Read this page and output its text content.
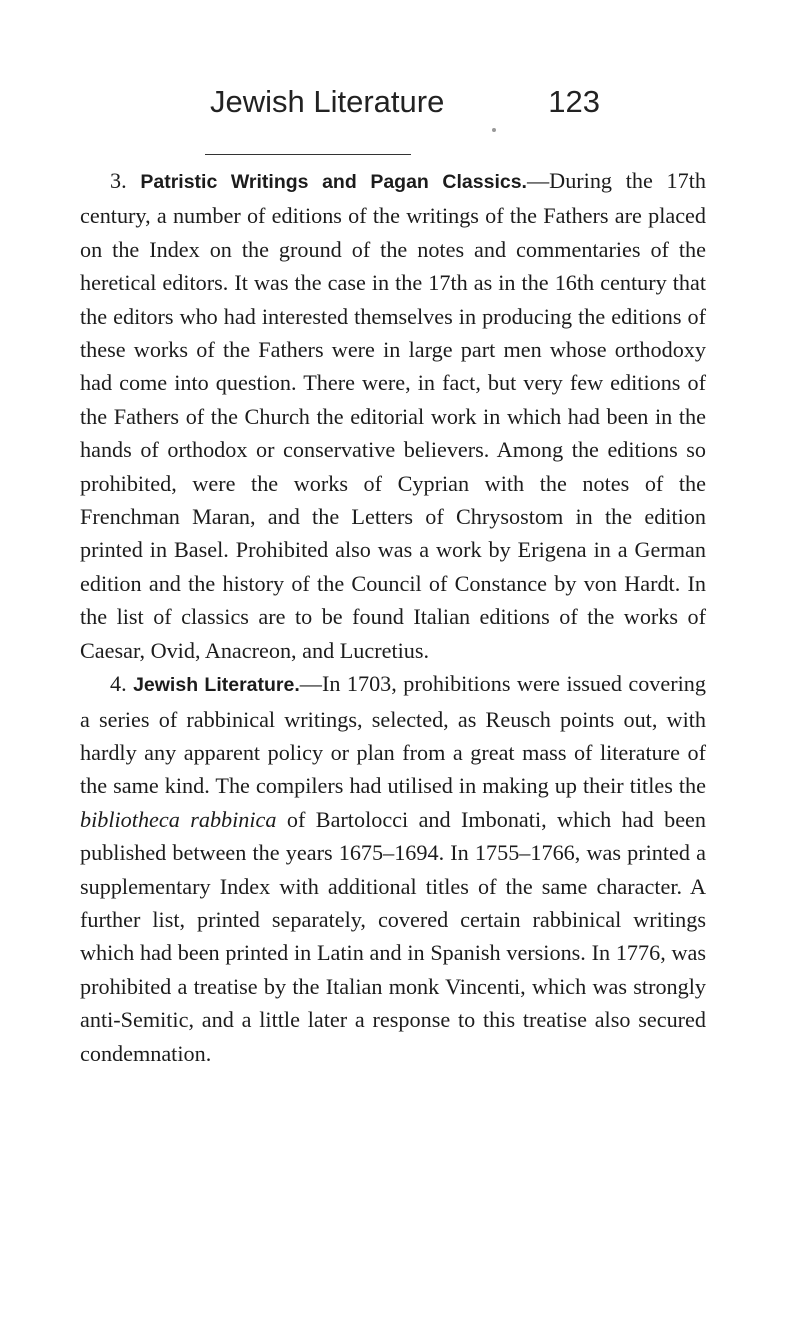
Jewish Literature	123

3. Patristic Writings and Pagan Classics.—During the 17th century, a number of editions of the writings of the Fathers are placed on the Index on the ground of the notes and commentaries of the heretical editors. It was the case in the 17th as in the 16th century that the editors who had interested themselves in producing the editions of these works of the Fathers were in large part men whose orthodoxy had come into question. There were, in fact, but very few editions of the Fathers of the Church the editorial work in which had been in the hands of orthodox or conservative believers. Among the editions so prohibited, were the works of Cyprian with the notes of the Frenchman Maran, and the Letters of Chrysostom in the edition printed in Basel. Prohibited also was a work by Erigena in a German edition and the history of the Council of Constance by von Hardt. In the list of classics are to be found Italian editions of the works of Caesar, Ovid, Anacreon, and Lucretius.

4. Jewish Literature.—In 1703, prohibitions were issued covering a series of rabbinical writings, selected, as Reusch points out, with hardly any apparent policy or plan from a great mass of literature of the same kind. The compilers had utilised in making up their titles the bibliotheca rabbinica of Bartolocci and Imbonati, which had been published between the years 1675–1694. In 1755–1766, was printed a supplementary Index with additional titles of the same character. A further list, printed separately, covered certain rabbinical writings which had been printed in Latin and in Spanish versions. In 1776, was prohibited a treatise by the Italian monk Vincenti, which was strongly anti-Semitic, and a little later a response to this treatise also secured condemnation.
